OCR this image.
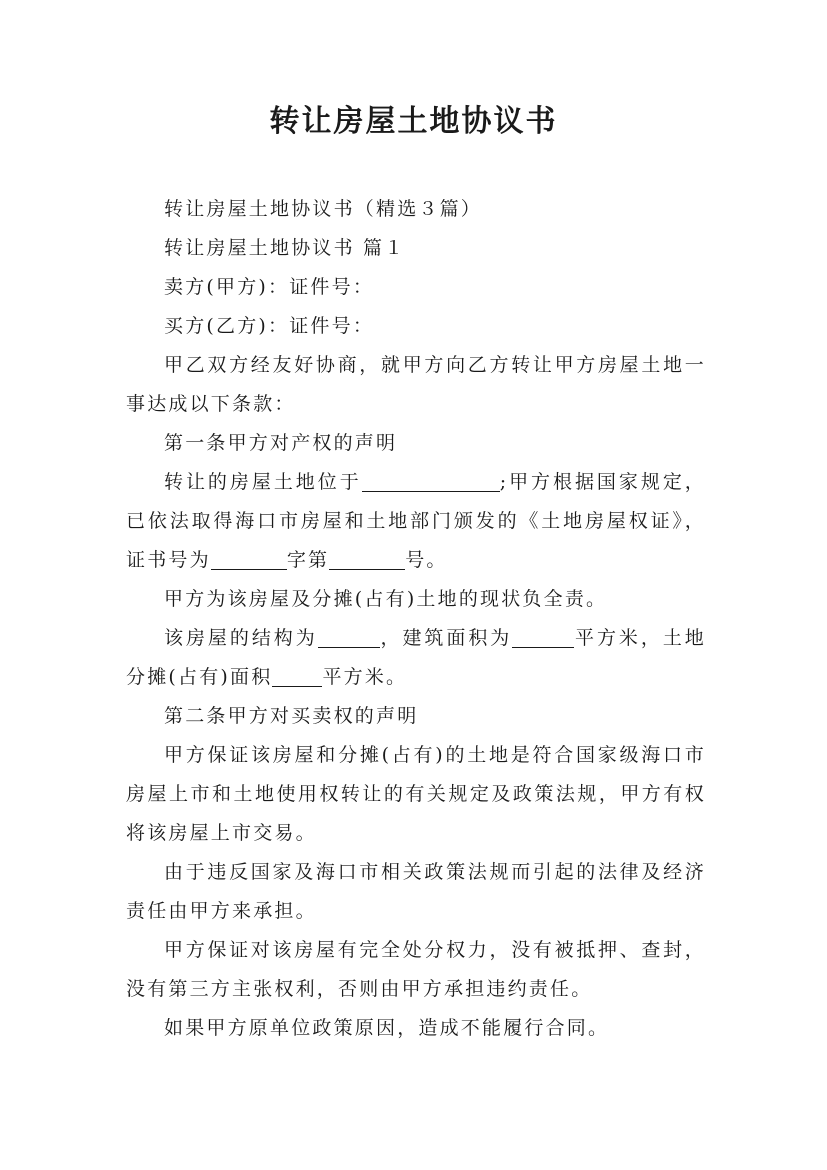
转让房屋土地协议书

转让房屋土地协议书（精选３篇）

转让房屋土地协议书 篇１

卖方(甲方)：证件号：

买方(乙方)：证件号：

甲乙双方经友好协商，就甲方向乙方转让甲方房屋土地一事达成以下条款：

第一条甲方对产权的声明

转让的房屋土地位于	;甲方根据国家规定，已依法取得海口市房屋和土地部门颁发的《土地房屋权证》，证书号为	字第	号。

甲方为该房屋及分摊(占有)土地的现状负全责。

该房屋的结构为	，建筑面积为	平方米，土地分摊(占有)面积	平方米。

第二条甲方对买卖权的声明

甲方保证该房屋和分摊(占有)的土地是符合国家级海口市房屋上市和土地使用权转让的有关规定及政策法规，甲方有权将该房屋上市交易。

由于违反国家及海口市相关政策法规而引起的法律及经济责任由甲方来承担。

甲方保证对该房屋有完全处分权力，没有被抵押、查封，没有第三方主张权利，否则由甲方承担违约责任。

如果甲方原单位政策原因，造成不能履行合同。
